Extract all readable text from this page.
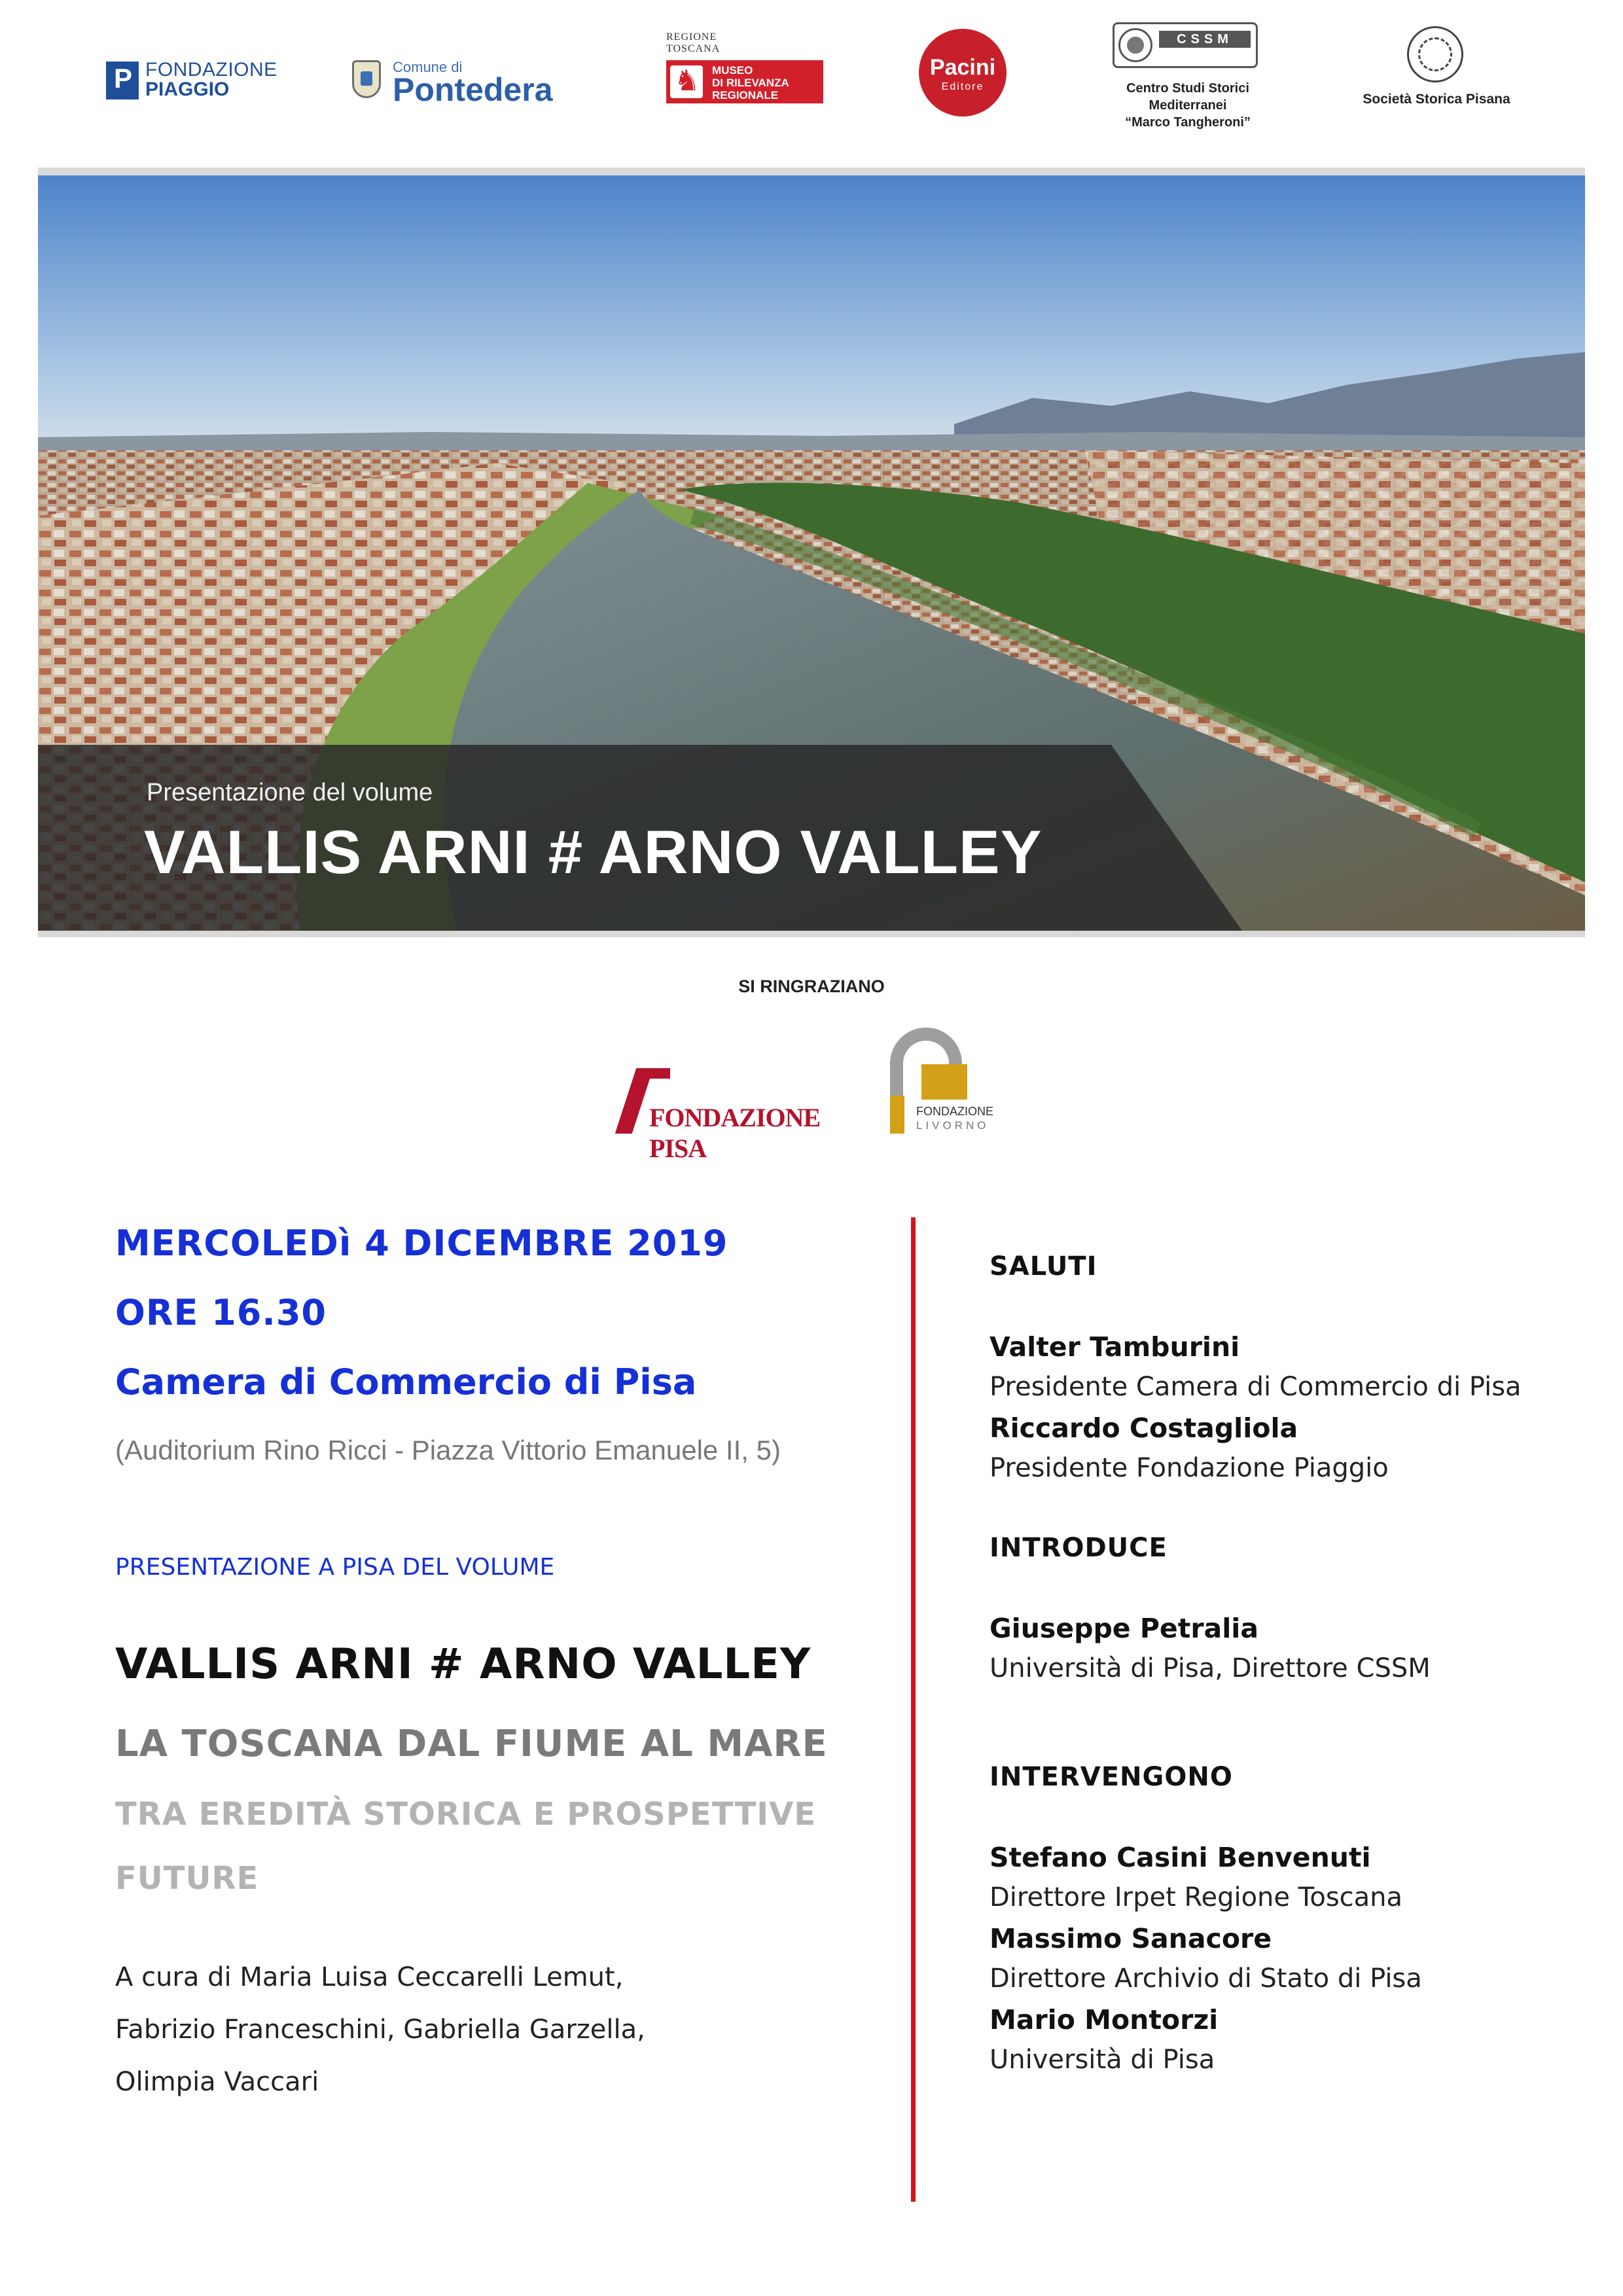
P FONDAZIONE
PIAGGIO
Comune di
Pontedera
REGIONE
TOSCANA
♞
MUSEO
DI RILEVANZA
REGIONALE
Pacini
Editore
CSSM
Centro Studi Storici
Mediterranei
“Marco Tangheroni”
Società Storica Pisana
Presentazione del volume
VALLIS ARNI # ARNO VALLEY
SI RINGRAZIANO
FONDAZIONE PISA
FONDAZIONE
LIVORNO
MERCOLEDì 4 DICEMBRE 2019
ORE 16.30
Camera di Commercio di Pisa
(Auditorium Rino Ricci - Piazza Vittorio Emanuele II, 5)
PRESENTAZIONE A PISA DEL VOLUME
VALLIS ARNI # ARNO VALLEY
LA TOSCANA DAL FIUME AL MARE
TRA EREDITÀ STORICA E PROSPETTIVE
FUTURE
A cura di Maria Luisa Ceccarelli Lemut,
Fabrizio Franceschini, Gabriella Garzella,
Olimpia Vaccari
SALUTI
Valter Tamburini
Presidente Camera di Commercio di Pisa
Riccardo Costagliola
Presidente Fondazione Piaggio
INTRODUCE
Giuseppe Petralia
Università di Pisa, Direttore CSSM
INTERVENGONO
Stefano Casini Benvenuti
Direttore Irpet Regione Toscana
Massimo Sanacore
Direttore Archivio di Stato di Pisa
Mario Montorzi
Università di Pisa
